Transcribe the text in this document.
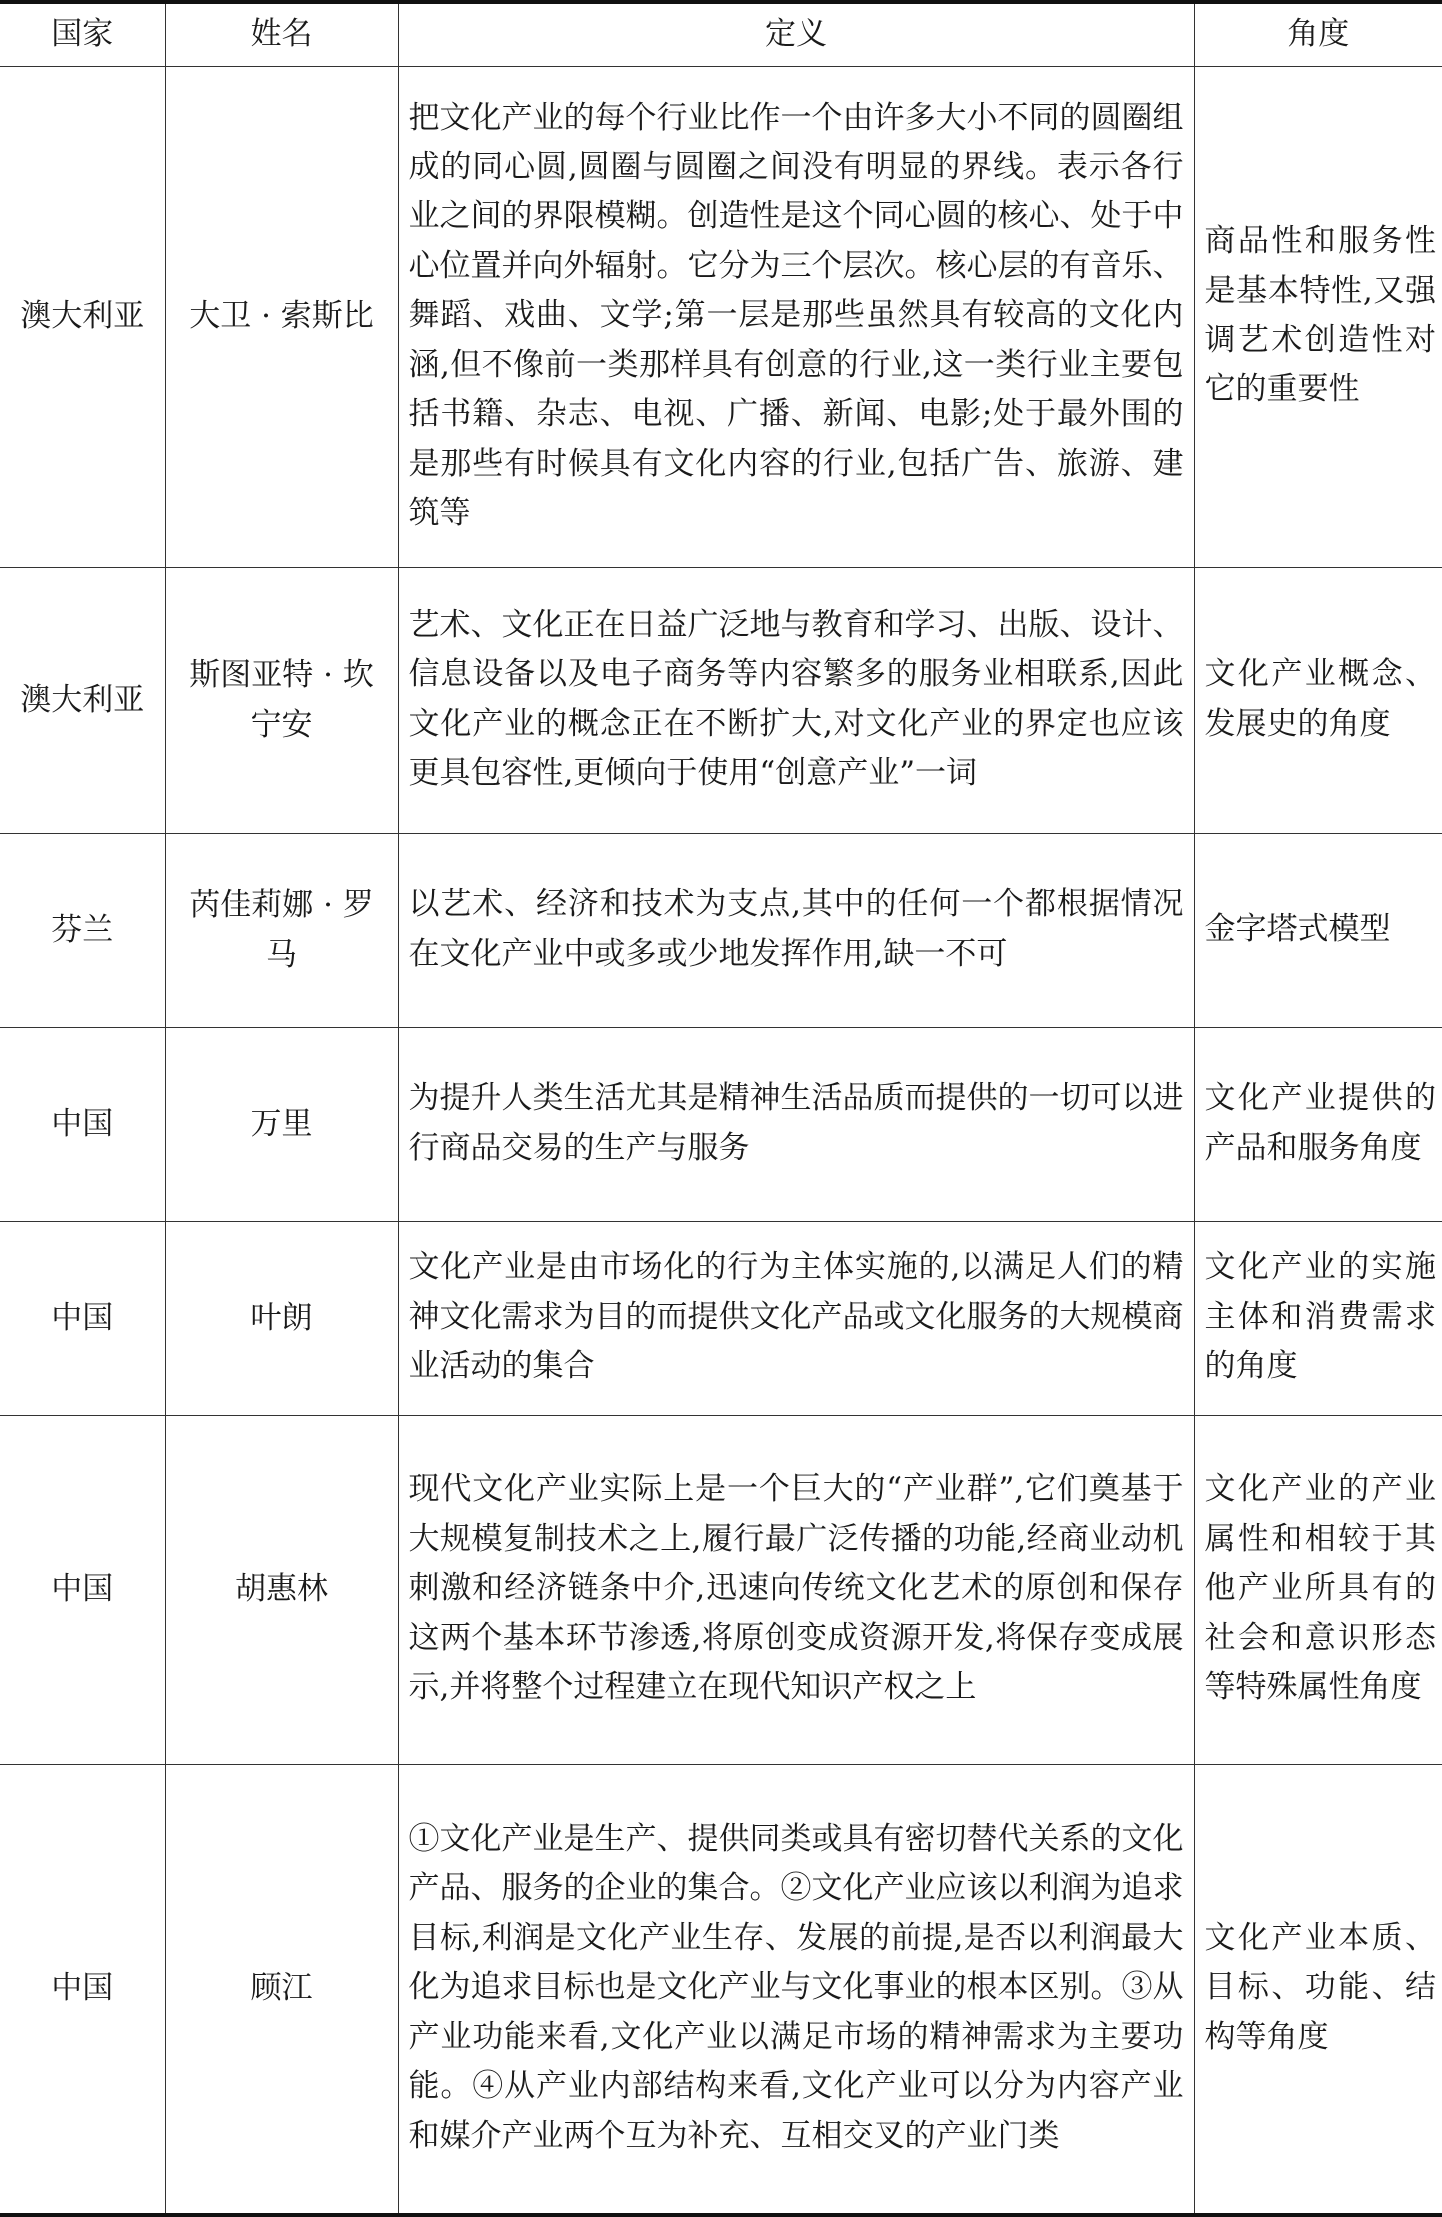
国家	姓名	定义	角度
澳大利亚	大卫 · 索斯比	把文化产业的每个行业比作一个由许多大小不同的圆圈组成的同心圆,圆圈与圆圈之间没有明显的界线。表示各行业之间的界限模糊。创造性是这个同心圆的核心、处于中心位置并向外辐射。它分为三个层次。核心层的有音乐、舞蹈、戏曲、文学;第一层是那些虽然具有较高的文化内涵,但不像前一类那样具有创意的行业,这一类行业主要包括书籍、杂志、电视、广播、新闻、电影;处于最外围的是那些有时候具有文化内容的行业,包括广告、旅游、建筑等	商品性和服务性是基本特性,又强调艺术创造性对它的重要性
澳大利亚	斯图亚特 · 坎宁安	艺术、文化正在日益广泛地与教育和学习、出版、设计、信息设备以及电子商务等内容繁多的服务业相联系,因此文化产业的概念正在不断扩大,对文化产业的界定也应该更具包容性,更倾向于使用“创意产业”一词	文化产业概念、发展史的角度
芬兰	芮佳莉娜 · 罗马	以艺术、经济和技术为支点,其中的任何一个都根据情况在文化产业中或多或少地发挥作用,缺一不可	金字塔式模型
中国	万里	为提升人类生活尤其是精神生活品质而提供的一切可以进行商品交易的生产与服务	文化产业提供的产品和服务角度
中国	叶朗	文化产业是由市场化的行为主体实施的,以满足人们的精神文化需求为目的而提供文化产品或文化服务的大规模商业活动的集合	文化产业的实施主体和消费需求的角度
中国	胡惠林	现代文化产业实际上是一个巨大的“产业群”,它们奠基于大规模复制技术之上,履行最广泛传播的功能,经商业动机刺激和经济链条中介,迅速向传统文化艺术的原创和保存这两个基本环节渗透,将原创变成资源开发,将保存变成展示,并将整个过程建立在现代知识产权之上	文化产业的产业属性和相较于其他产业所具有的社会和意识形态等特殊属性角度
中国	顾江	①文化产业是生产、提供同类或具有密切替代关系的文化产品、服务的企业的集合。②文化产业应该以利润为追求目标,利润是文化产业生存、发展的前提,是否以利润最大化为追求目标也是文化产业与文化事业的根本区别。③从产业功能来看,文化产业以满足市场的精神需求为主要功能。④从产业内部结构来看,文化产业可以分为内容产业和媒介产业两个互为补充、互相交叉的产业门类	文化产业本质、目标、功能、结构等角度
